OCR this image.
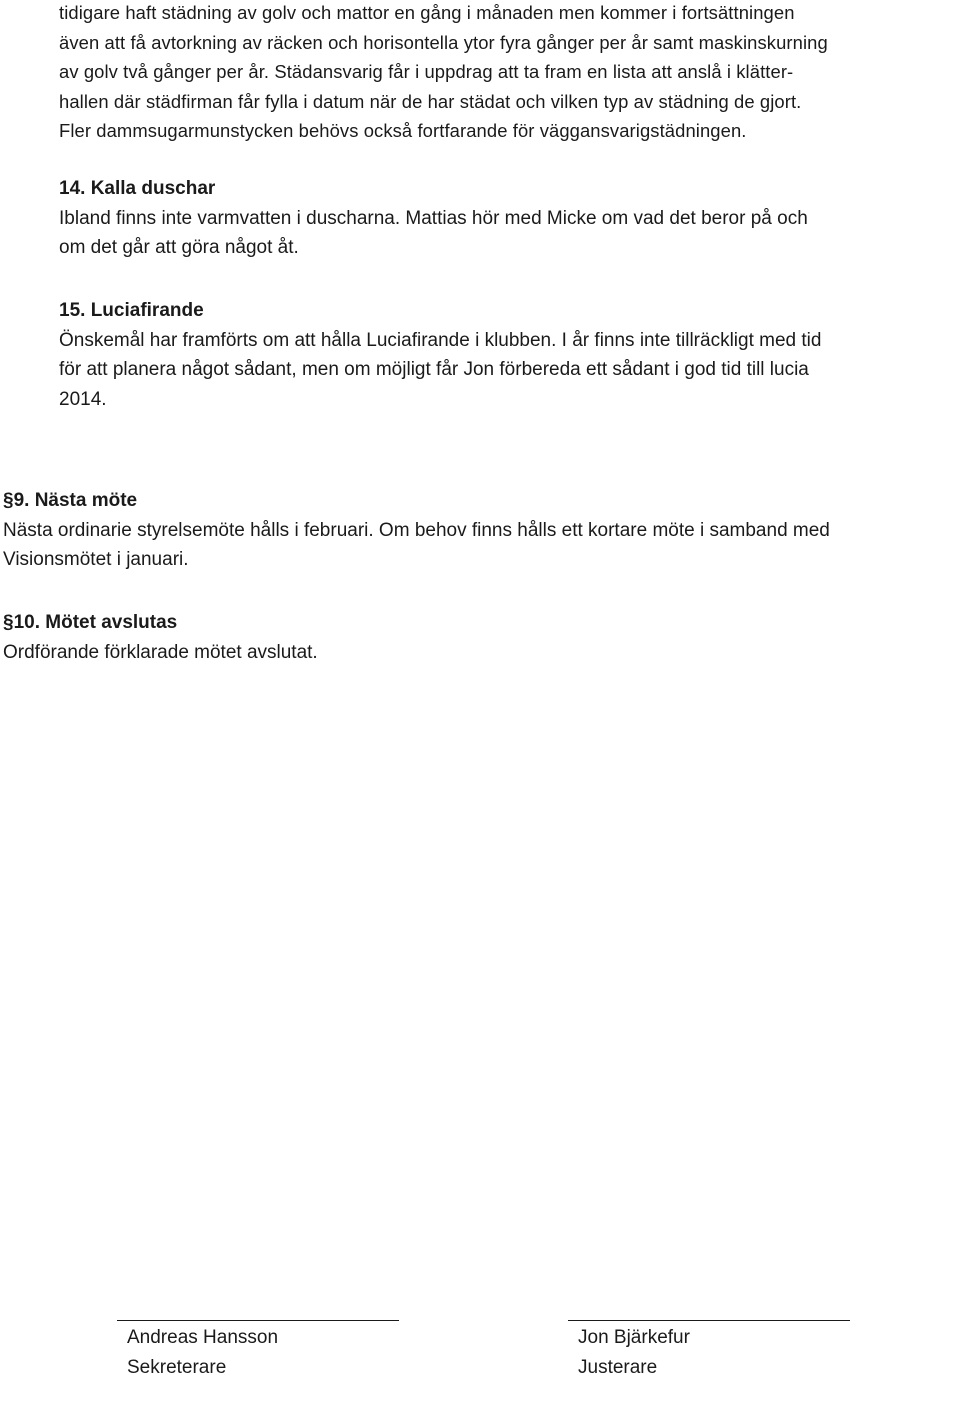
tidigare haft städning av golv och mattor en gång i månaden men kommer i fortsättningen

även att få avtorkning av räcken och horisontella ytor fyra gånger per år samt maskinskurning

av golv två gånger per år. Städansvarig får i uppdrag att ta fram en lista att anslå i klätter-

hallen där städfirman får fylla i datum när de har städat och vilken typ av städning de gjort.

Fler dammsugarmunstycken behövs också fortfarande för väggansvarigstädningen.

14. Kalla duschar

Ibland finns inte varmvatten i duscharna. Mattias hör med Micke om vad det beror på och

om det går att göra något åt.

15. Luciafirande

Önskemål har framförts om att hålla Luciafirande i klubben. I år finns inte tillräckligt med tid

för att planera något sådant, men om möjligt får Jon förbereda ett sådant i god tid till lucia

2014.

§9. Nästa möte

Nästa ordinarie styrelsemöte hålls i februari. Om behov finns hålls ett kortare möte i samband med

Visionsmötet i januari.

§10. Mötet avslutas

Ordförande förklarade mötet avslutat.

Andreas Hansson

Sekreterare

Jon Bjärkefur

Justerare
